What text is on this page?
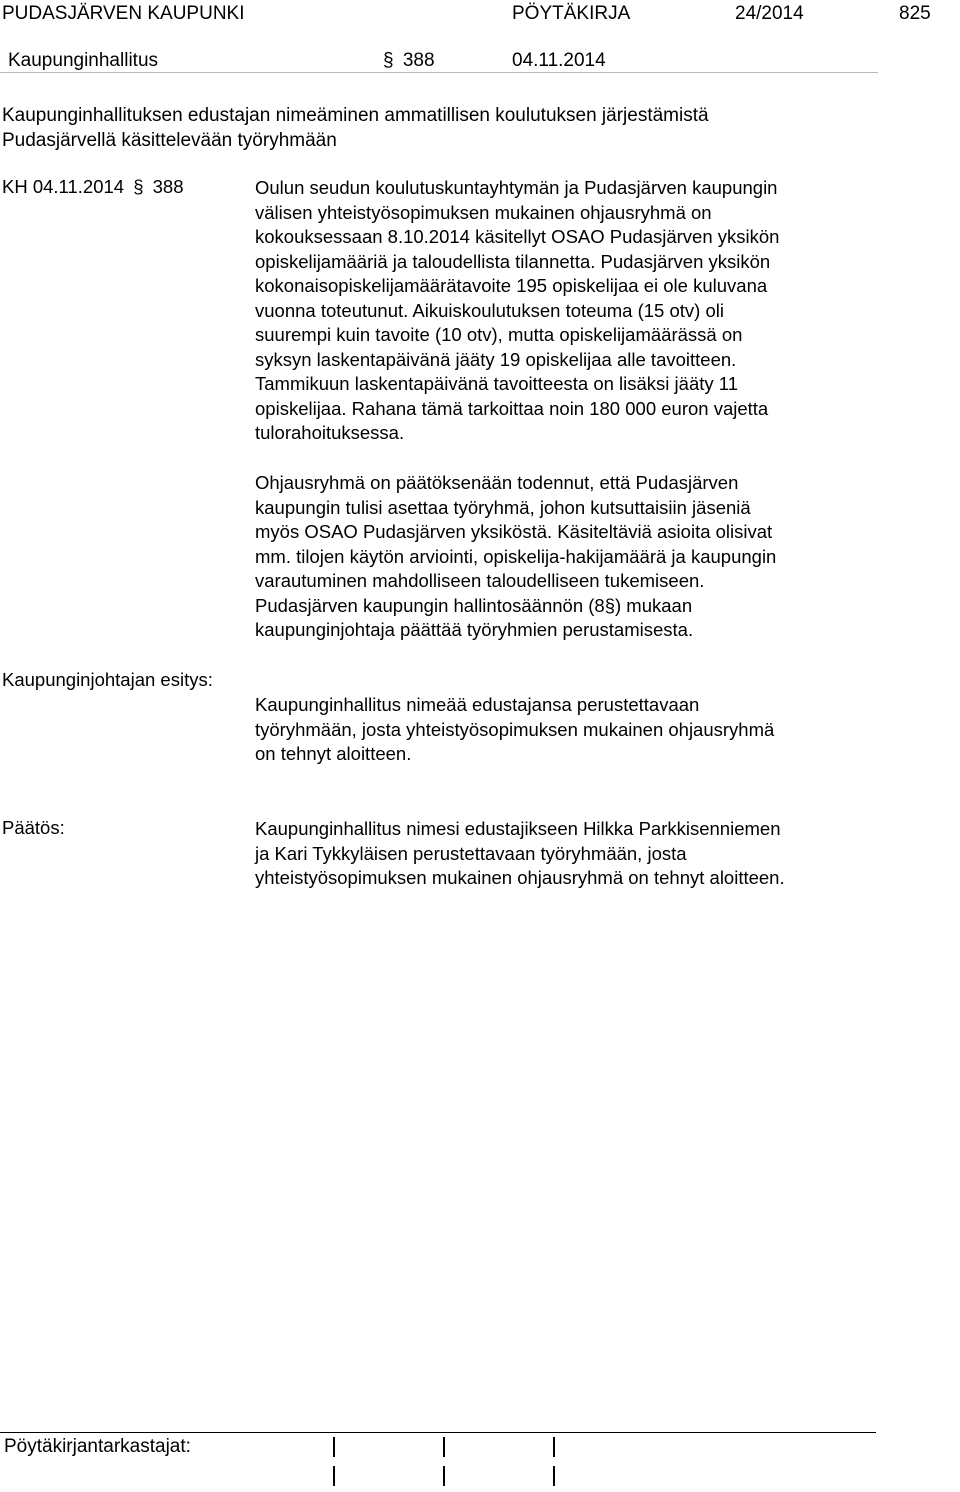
PUDASJÄRVEN KAUPUNKI	PÖYTÄKIRJA	24/2014	825
Kaupunginhallitus	§ 388	04.11.2014
Kaupunginhallituksen edustajan nimeäminen ammatillisen koulutuksen järjestämistä
Pudasjärvellä käsittelevään työryhmään
KH 04.11.2014 § 388	Oulun seudun koulutuskuntayhtymän ja Pudasjärven kaupungin

välisen yhteistyösopimuksen mukainen ohjausryhmä on

kokouksessaan 8.10.2014 käsitellyt OSAO Pudasjärven yksikön

opiskelijamääriä ja taloudellista tilannetta. Pudasjärven yksikön

kokonaisopiskelijamäärätavoite 195 opiskelijaa ei ole kuluvana

vuonna toteutunut. Aikuiskoulutuksen toteuma (15 otv) oli

suurempi kuin tavoite (10 otv), mutta opiskelijamäärässä on

syksyn laskentapäivänä jääty 19 opiskelijaa alle tavoitteen.

Tammikuun laskentapäivänä tavoitteesta on lisäksi jääty 11

opiskelijaa. Rahana tämä tarkoittaa noin 180 000 euron vajetta

tulorahoituksessa.

Ohjausryhmä on päätöksenään todennut, että Pudasjärven

kaupungin tulisi asettaa työryhmä, johon kutsuttaisiin jäseniä

myös OSAO Pudasjärven yksiköstä. Käsiteltäviä asioita olisivat

mm. tilojen käytön arviointi, opiskelija-hakijamäärä ja kaupungin

varautuminen mahdolliseen taloudelliseen tukemiseen.

Pudasjärven kaupungin hallintosäännön (8§) mukaan

kaupunginjohtaja päättää työryhmien perustamisesta.

Kaupunginjohtajan esitys:

Kaupunginhallitus nimeää edustajansa perustettavaan

työryhmään, josta yhteistyösopimuksen mukainen ohjausryhmä

on tehnyt aloitteen.

Päätös:	Kaupunginhallitus nimesi edustajikseen Hilkka Parkkisenniemen

ja Kari Tykkyläisen perustettavaan työryhmään, josta

yhteistyösopimuksen mukainen ohjausryhmä on tehnyt aloitteen.

Pöytäkirjantarkastajat:
